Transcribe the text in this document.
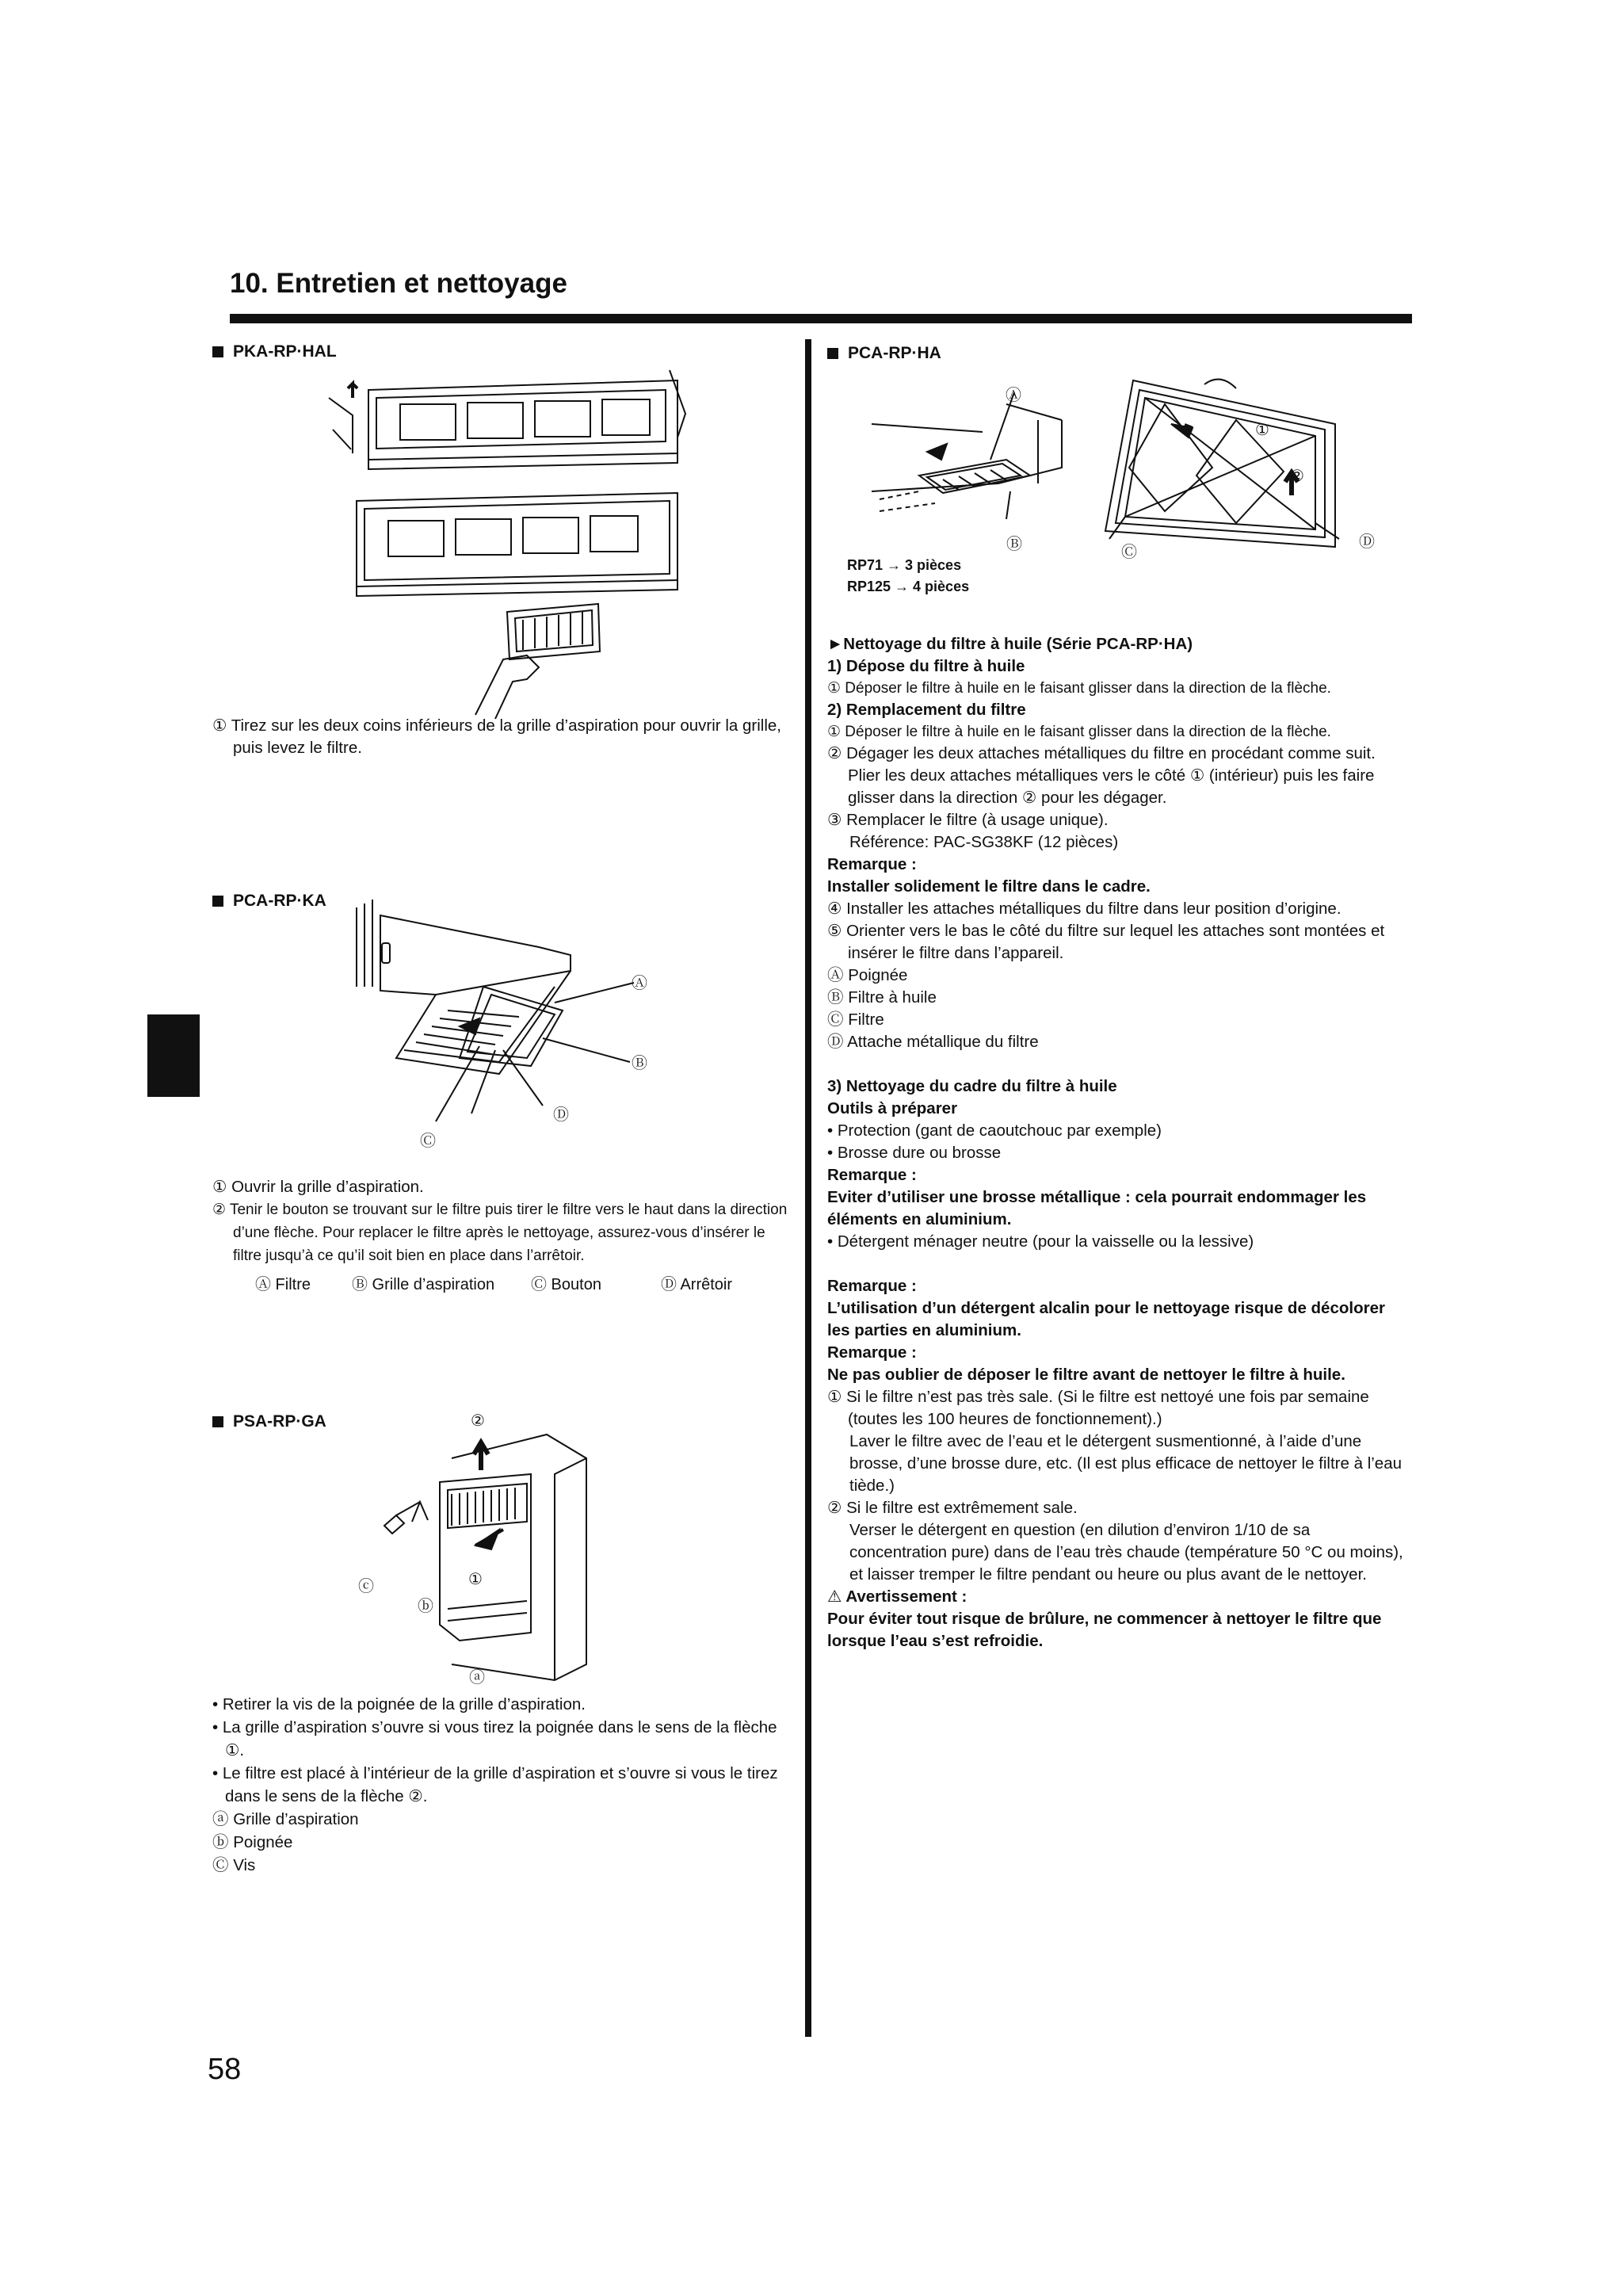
10. Entretien et nettoyage
PKA-RP·HAL
① Tirez sur les deux coins inférieurs de la grille d’aspiration pour ouvrir la grille, puis levez le filtre.
PCA-RP·KA
Ⓐ
Ⓑ
Ⓓ
Ⓒ

① Ouvrir la grille d’aspiration.

② Tenir le bouton se trouvant sur le filtre puis tirer le filtre vers le haut dans la direction d’une flèche. Pour replacer le filtre après le nettoyage, assurez-vous d’insérer le filtre jusqu’à ce qu’il soit bien en place dans l’arrêtoir.

Ⓐ Filtre	Ⓑ Grille d’aspiration	Ⓒ Bouton	Ⓓ Arrêtoir
PSA-RP·GA	②
①
ⓒ
ⓑ
ⓐ

• Retirer la vis de la poignée de la grille d’aspiration.

• La grille d’aspiration s’ouvre si vous tirez la poignée dans le sens de la flèche ①.

• Le filtre est placé à l’intérieur de la grille d’aspiration et s’ouvre si vous le tirez dans le sens de la flèche ②.

ⓐ Grille d’aspiration

ⓑ Poignée

Ⓒ Vis

PCA-RP·HA
Ⓐ
Ⓑ
①
②
Ⓒ
Ⓓ
RP71 → 3 pièces
RP125 → 4 pièces

►Nettoyage du filtre à huile (Série PCA-RP·HA)

1) Dépose du filtre à huile

① Déposer le filtre à huile en le faisant glisser dans la direction de la flèche.

2) Remplacement du filtre

① Déposer le filtre à huile en le faisant glisser dans la direction de la flèche.

② Dégager les deux attaches métalliques du filtre en procédant comme suit. Plier les deux attaches métalliques vers le côté ① (intérieur) puis les faire glisser dans la direction ② pour les dégager.

③ Remplacer le filtre (à usage unique).

Référence: PAC-SG38KF (12 pièces)

Remarque :

Installer solidement le filtre dans le cadre.

④ Installer les attaches métalliques du filtre dans leur position d’origine.

⑤ Orienter vers le bas le côté du filtre sur lequel les attaches sont montées et insérer le filtre dans l’appareil.

Ⓐ Poignée

Ⓑ Filtre à huile

Ⓒ Filtre

Ⓓ Attache métallique du filtre

3) Nettoyage du cadre du filtre à huile

Outils à préparer

• Protection (gant de caoutchouc par exemple)

• Brosse dure ou brosse

Remarque :

Eviter d’utiliser une brosse métallique : cela pourrait endommager les éléments en aluminium.

• Détergent ménager neutre (pour la vaisselle ou la lessive)

Remarque :

L’utilisation d’un détergent alcalin pour le nettoyage risque de décolorer les parties en aluminium.

Remarque :

Ne pas oublier de déposer le filtre avant de nettoyer le filtre à huile.

① Si le filtre n’est pas très sale. (Si le filtre est nettoyé une fois par semaine (toutes les 100 heures de fonctionnement).)

Laver le filtre avec de l’eau et le détergent susmentionné, à l’aide d’une brosse, d’une brosse dure, etc. (Il est plus efficace de nettoyer le filtre à l’eau tiède.)

② Si le filtre est extrêmement sale.

Verser le détergent en question (en dilution d’environ 1/10 de sa concentration pure) dans de l’eau très chaude (température 50 °C ou moins), et laisser tremper le filtre pendant ou heure ou plus avant de le nettoyer.

⚠ Avertissement :

Pour éviter tout risque de brûlure, ne commencer à nettoyer le filtre que lorsque l’eau s’est refroidie.

58
